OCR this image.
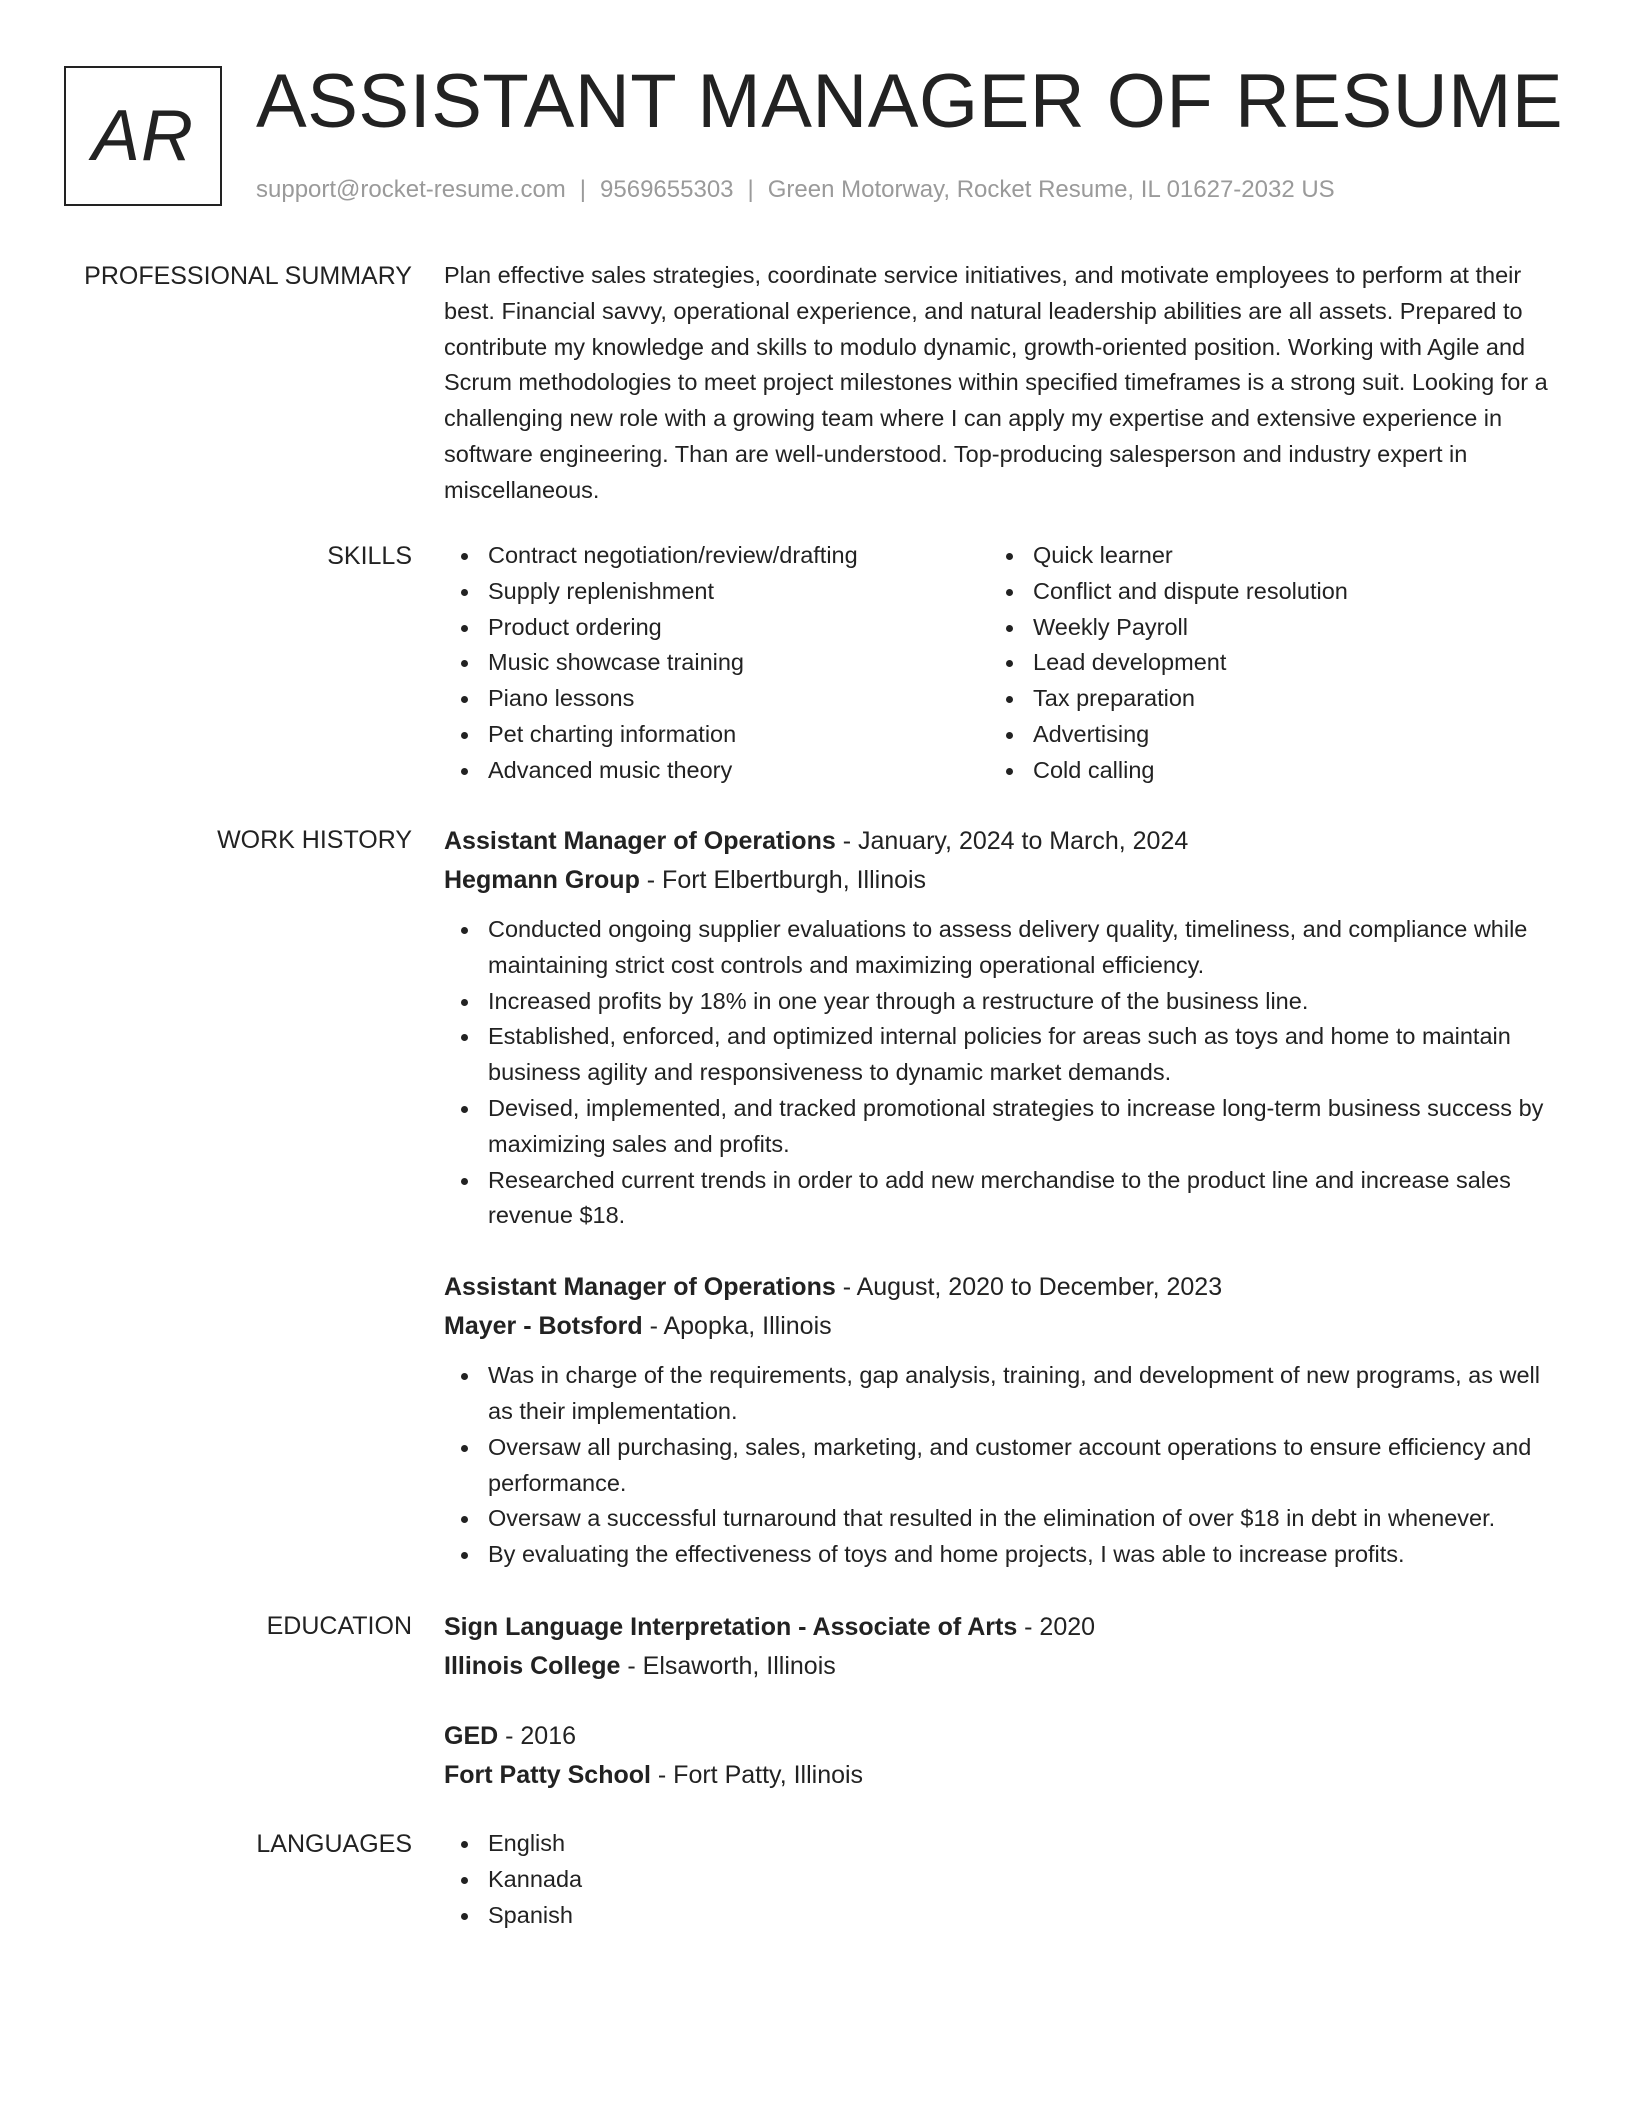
AR ASSISTANT MANAGER OF RESUME
support@rocket-resume.com | 9569655303 | Green Motorway, Rocket Resume, IL 01627-2032 US
PROFESSIONAL SUMMARY Plan effective sales strategies, coordinate service initiatives, and motivate employees to perform at their best. Financial savvy, operational experience, and natural leadership abilities are all assets. Prepared to contribute my knowledge and skills to modulo dynamic, growth-oriented position. Working with Agile and Scrum methodologies to meet project milestones within specified timeframes is a strong suit. Looking for a challenging new role with a growing team where I can apply my expertise and extensive experience in software engineering. Than are well-understood. Top-producing salesperson and industry expert in miscellaneous.

SKILLS	Contract negotiation/review/drafting
Supply replenishment
Product ordering
Music showcase training
Piano lessons
Pet charting information
Advanced music theory
Quick learner
Conflict and dispute resolution
Weekly Payroll
Lead development
Tax preparation
Advertising
Cold calling
WORK HISTORY Assistant Manager of Operations - January, 2024 to March, 2024
Hegmann Group - Fort Elbertburgh, Illinois
Conducted ongoing supplier evaluations to assess delivery quality, timeliness, and compliance while maintaining strict cost controls and maximizing operational efficiency.
Increased profits by 18% in one year through a restructure of the business line.
Established, enforced, and optimized internal policies for areas such as toys and home to maintain business agility and responsiveness to dynamic market demands.
Devised, implemented, and tracked promotional strategies to increase long-term business success by maximizing sales and profits.
Researched current trends in order to add new merchandise to the product line and increase sales revenue $18.
Assistant Manager of Operations - August, 2020 to December, 2023
Mayer - Botsford - Apopka, Illinois
Was in charge of the requirements, gap analysis, training, and development of new programs, as well as their implementation.
Oversaw all purchasing, sales, marketing, and customer account operations to ensure efficiency and performance.
Oversaw a successful turnaround that resulted in the elimination of over $18 in debt in whenever.
By evaluating the effectiveness of toys and home projects, I was able to increase profits.
EDUCATION Sign Language Interpretation - Associate of Arts - 2020
Illinois College - Elsaworth, Illinois
GED - 2016
Fort Patty School - Fort Patty, Illinois
LANGUAGES	English
Kannada
Spanish
